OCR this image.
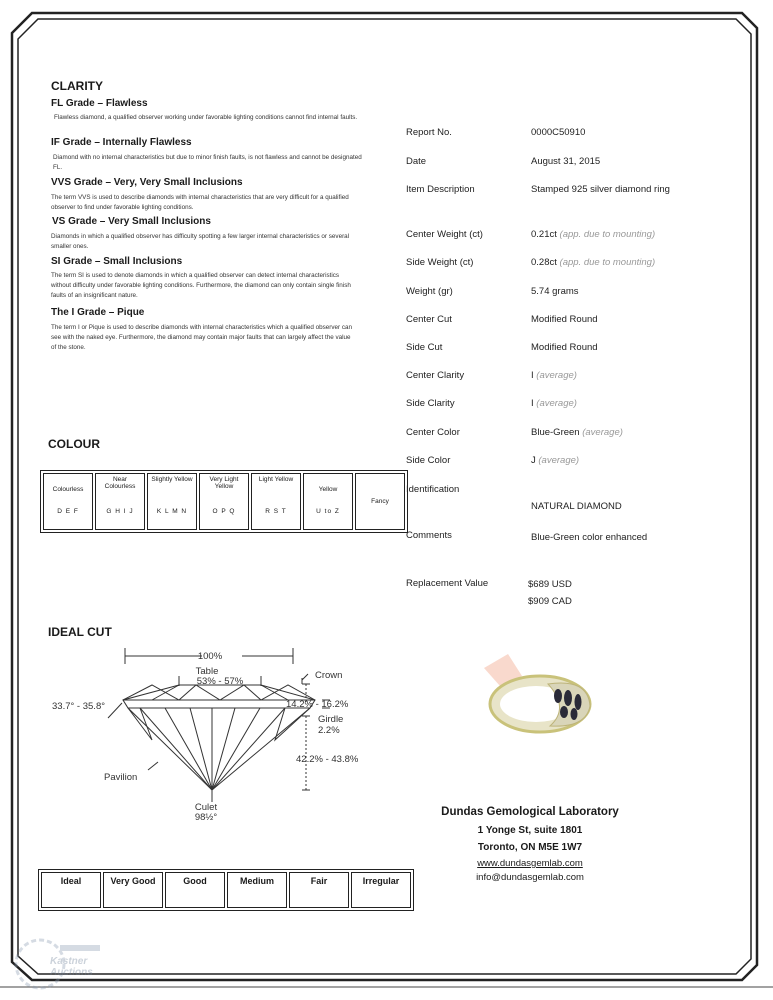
CLARITY
FL Grade – Flawless
Flawless diamond, a qualified observer working under favorable lighting conditions cannot find internal faults.
IF Grade – Internally Flawless
Diamond with no internal characteristics but due to minor finish faults, is not flawless and cannot be designated FL.
VVS Grade – Very, Very Small Inclusions
The term VVS is used to describe diamonds with internal characteristics that are very difficult for a qualified observer to find under favorable lighting conditions.
VS Grade – Very Small Inclusions
Diamonds in which a qualified observer has difficulty spotting a few larger internal characteristics or several smaller ones.
SI Grade – Small Inclusions
The term SI is used to denote diamonds in which a qualified observer can detect internal characteristics without difficulty under favorable lighting conditions. Furthermore, the diamond can only contain single finish faults of an insignificant nature.
The I Grade – Pique
The term I or Pique is used to describe diamonds with internal characteristics which a qualified observer can see with the naked eye. Furthermore, the diamond may contain major faults that can largely affect the value of the stone.
COLOUR
Colourless
D E F

Near Colourless
G H I J

Slightly Yellow
K L M N

Very Light Yellow
O P Q

Light Yellow
R S T

Yellow
U to Z
	Fancy
IDEAL CUT
100%
Table
53% - 57%
Crown
33.7° - 35.8°	14.2% - 16.2%
Girdle
2.2%
42.2% - 43.8%
Pavilion
Culet
98½°
Ideal	Very Good	Good	Medium	Fair	Irregular
Report No.	0000C50910
Date	August 31, 2015
Item Description	Stamped 925 silver diamond ring
Center Weight (ct)	0.21ct (app. due to mounting)
Side Weight (ct)	0.28ct (app. due to mounting)
Weight (gr)	5.74 grams
Center Cut	Modified Round
Side Cut	Modified Round
Center Clarity	I (average)
Side Clarity	I (average)
Center Color	Blue-Green (average)
Side Color	J (average)
Identification
NATURAL DIAMOND
Comments	Blue-Green color enhanced
Replacement Value	$689 USD
$909 CAD
Dundas Gemological Laboratory
1 Yonge St, suite 1801
Toronto, ON M5E 1W7
www.dundasgemlab.com
info@dundasgemlab.com
Kastner Auctions
